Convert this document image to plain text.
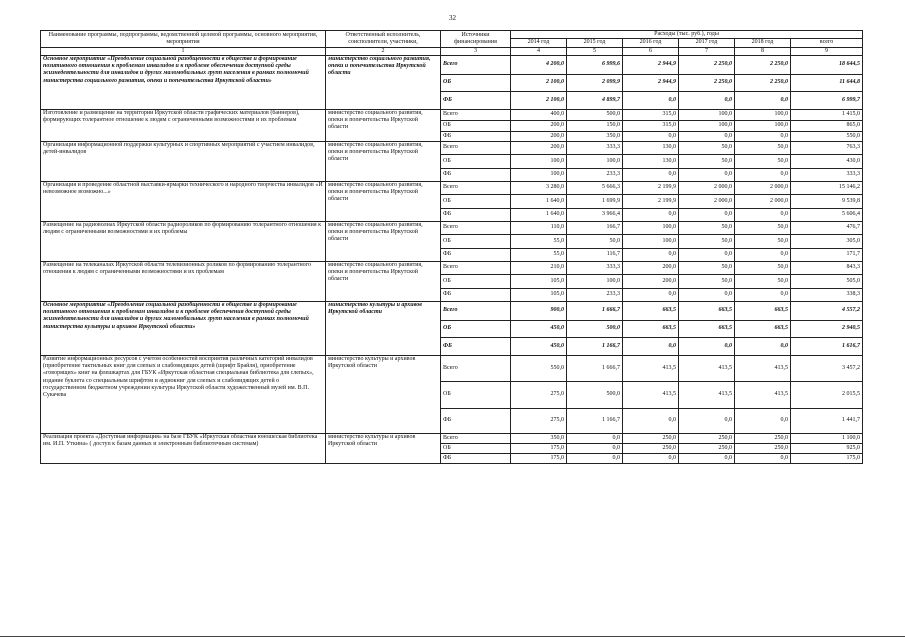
32
Наименование программы, подпрограммы, ведомственной целевой программы, основного мероприятия, мероприятия	Ответственный исполнитель, соисполнители, участники,	Источники финансирования	Расходы (тыс. руб.), годы					
			2014 год	2015 год	2016 год	2017 год	2018 год	всего
1	2	3	4	5	6	7	8	9
Основное мероприятие «Преодоление социальной разобщенности в обществе и формирование позитивного отношения к проблемам инвалидов и к проблеме обеспечения доступной среды жизнедеятельности для инвалидов и других маломобильных групп населения в рамках полномочий министерства социального развития, опеки и попечительства Иркутской области»	министерство социального развития, опеки и попечительства Иркутской области	Всего	4 200,0	6 999,6	2 944,9	2 250,0	2 250,0	18 644,5
		ОБ	2 100,0	2 099,9	2 944,9	2 250,0	2 250,0	11 644,8
		ФБ	2 100,0	4 899,7	0,0	0,0	0,0	6 999,7
Изготовление и размещение на территории Иркутской области графических материалов (баннеров), формирующих толерантное отношение к людям с ограниченными возможностями и их проблемам	министерство социального развития, опеки и попечительства Иркутской области	Всего	400,0	500,0	315,0	100,0	100,0	1 415,0
		ОБ	200,0	150,0	315,0	100,0	100,0	865,0
		ФБ	200,0	350,0	0,0	0,0	0,0	550,0
Организация информационной поддержки культурных и спортивных мероприятий с участием инвалидов, детей-инвалидов	министерство социального развития, опеки и попечительства Иркутской области	Всего	200,0	333,3	130,0	50,0	50,0	763,3
		ОБ	100,0	100,0	130,0	50,0	50,0	430,0
		ФБ	100,0	233,3	0,0	0,0	0,0	333,3
Организация и проведение областной выставки-ярмарки технического и народного творчества инвалидов «И невозможное возможно...»	министерство социального развития, опеки и попечительства Иркутской области	Всего	3 280,0	5 666,3	2 199,9	2 000,0	2 000,0	15 146,2
		ОБ	1 640,0	1 699,9	2 199,9	2 000,0	2 000,0	9 539,8
		ФБ	1 640,0	3 966,4	0,0	0,0	0,0	5 606,4
Размещение на радиоволнах Иркутской области радиороликов по формированию толерантного отношения к людям с ограниченными возможностями и их проблемы	министерство социального развития, опеки и попечительства Иркутской области	Всего	110,0	166,7	100,0	50,0	50,0	476,7
		ОБ	55,0	50,0	100,0	50,0	50,0	305,0
		ФБ	55,0	116,7	0,0	0,0	0,0	171,7
Размещение на телеканалах Иркутской области телевизионных роликов по формированию толерантного отношения к людям с ограниченными возможностями и их проблемам	министерство социального развития, опеки и попечительства Иркутской области	Всего	210,0	333,3	200,0	50,0	50,0	843,3
		ОБ	105,0	100,0	200,0	50,0	50,0	505,0
		ФБ	105,0	233,3	0,0	0,0	0,0	338,3
Основное мероприятие «Преодоление социальной разобщенности в обществе и формирование позитивного отношения к проблемам инвалидов и к проблеме обеспечения доступной среды жизнедеятельности для инвалидов и других маломобильных групп населения в рамках полномочий министерства культуры и архивов Иркутской области»	министерство культуры и архивов Иркутской области	Всего	900,0	1 666,7	663,5	663,5	663,5	4 557,2
		ОБ	450,0	500,0	663,5	663,5	663,5	2 940,5
		ФБ	450,0	1 166,7	0,0	0,0	0,0	1 616,7
Развитие информационных ресурсов с учетом особенностей восприятия различных категорий инвалидов (приобретение тактильных книг для слепых и слабовидящих детей (шрифт Брайля), приобретение «говорящих» книг на флешкартах для ГБУК «Иркутская областная специальная библиотека для слепых», издание буклета со специальным шрифтом и аудиокниг для слепых и слабовидящих детей о государственном бюджетном учреждении культуры Иркутской области художественный музей им. В.П. Сукачева	министерство культуры и архивов Иркутской области	Всего	550,0	1 666,7	413,5	413,5	413,5	3 457,2
		ОБ	275,0	500,0	413,5	413,5	413,5	2 015,5
		ФБ	275,0	1 166,7	0,0	0,0	0,0	1 441,7
Реализация проекта «Доступная информация» на базе ГБУК «Иркутская областная юношеская библиотека им. И.П. Уткина» ( доступ к базам данных и электронным библиотечным системам)	министерство культуры и архивов Иркутской области	Всего	350,0	0,0	250,0	250,0	250,0	1 100,0
		ОБ	175,0	0,0	250,0	250,0	250,0	925,0
		ФБ	175,0	0,0	0,0	0,0	0,0	175,0
